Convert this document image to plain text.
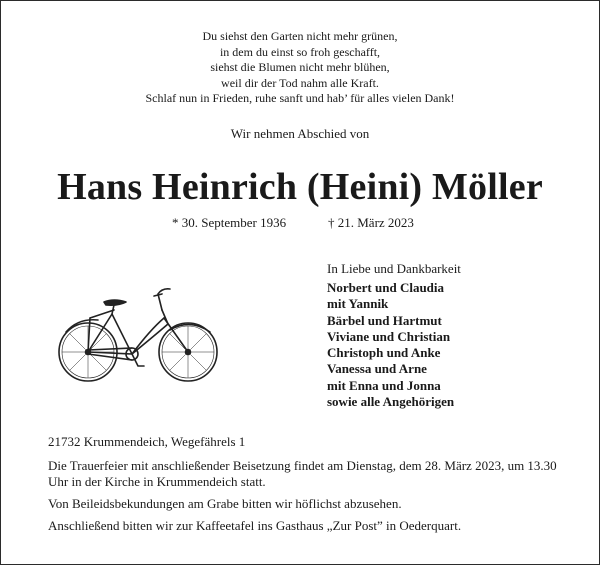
Du siehst den Garten nicht mehr grünen,
in dem du einst so froh geschafft,
siehst die Blumen nicht mehr blühen,
weil dir der Tod nahm alle Kraft.
Schlaf nun in Frieden, ruhe sanft und hab’ für alles vielen Dank!
Wir nehmen Abschied von
Hans Heinrich (Heini) Möller
* 30. September 1936	† 21. März 2023
In Liebe und Dankbarkeit
Norbert und Claudia
mit Yannik
Bärbel und Hartmut
Viviane und Christian
Christoph und Anke
Vanessa und Arne
mit Enna und Jonna
sowie alle Angehörigen

21732 Krummendeich, Wegefährels 1

Die Trauerfeier mit anschließender Beisetzung findet am Dienstag, dem 28. März 2023, um 13.30 Uhr in der Kirche in Krummendeich statt.

Von Beileidsbekundungen am Grabe bitten wir höflichst abzusehen.

Anschließend bitten wir zur Kaffeetafel ins Gasthaus „Zur Post” in Oederquart.
